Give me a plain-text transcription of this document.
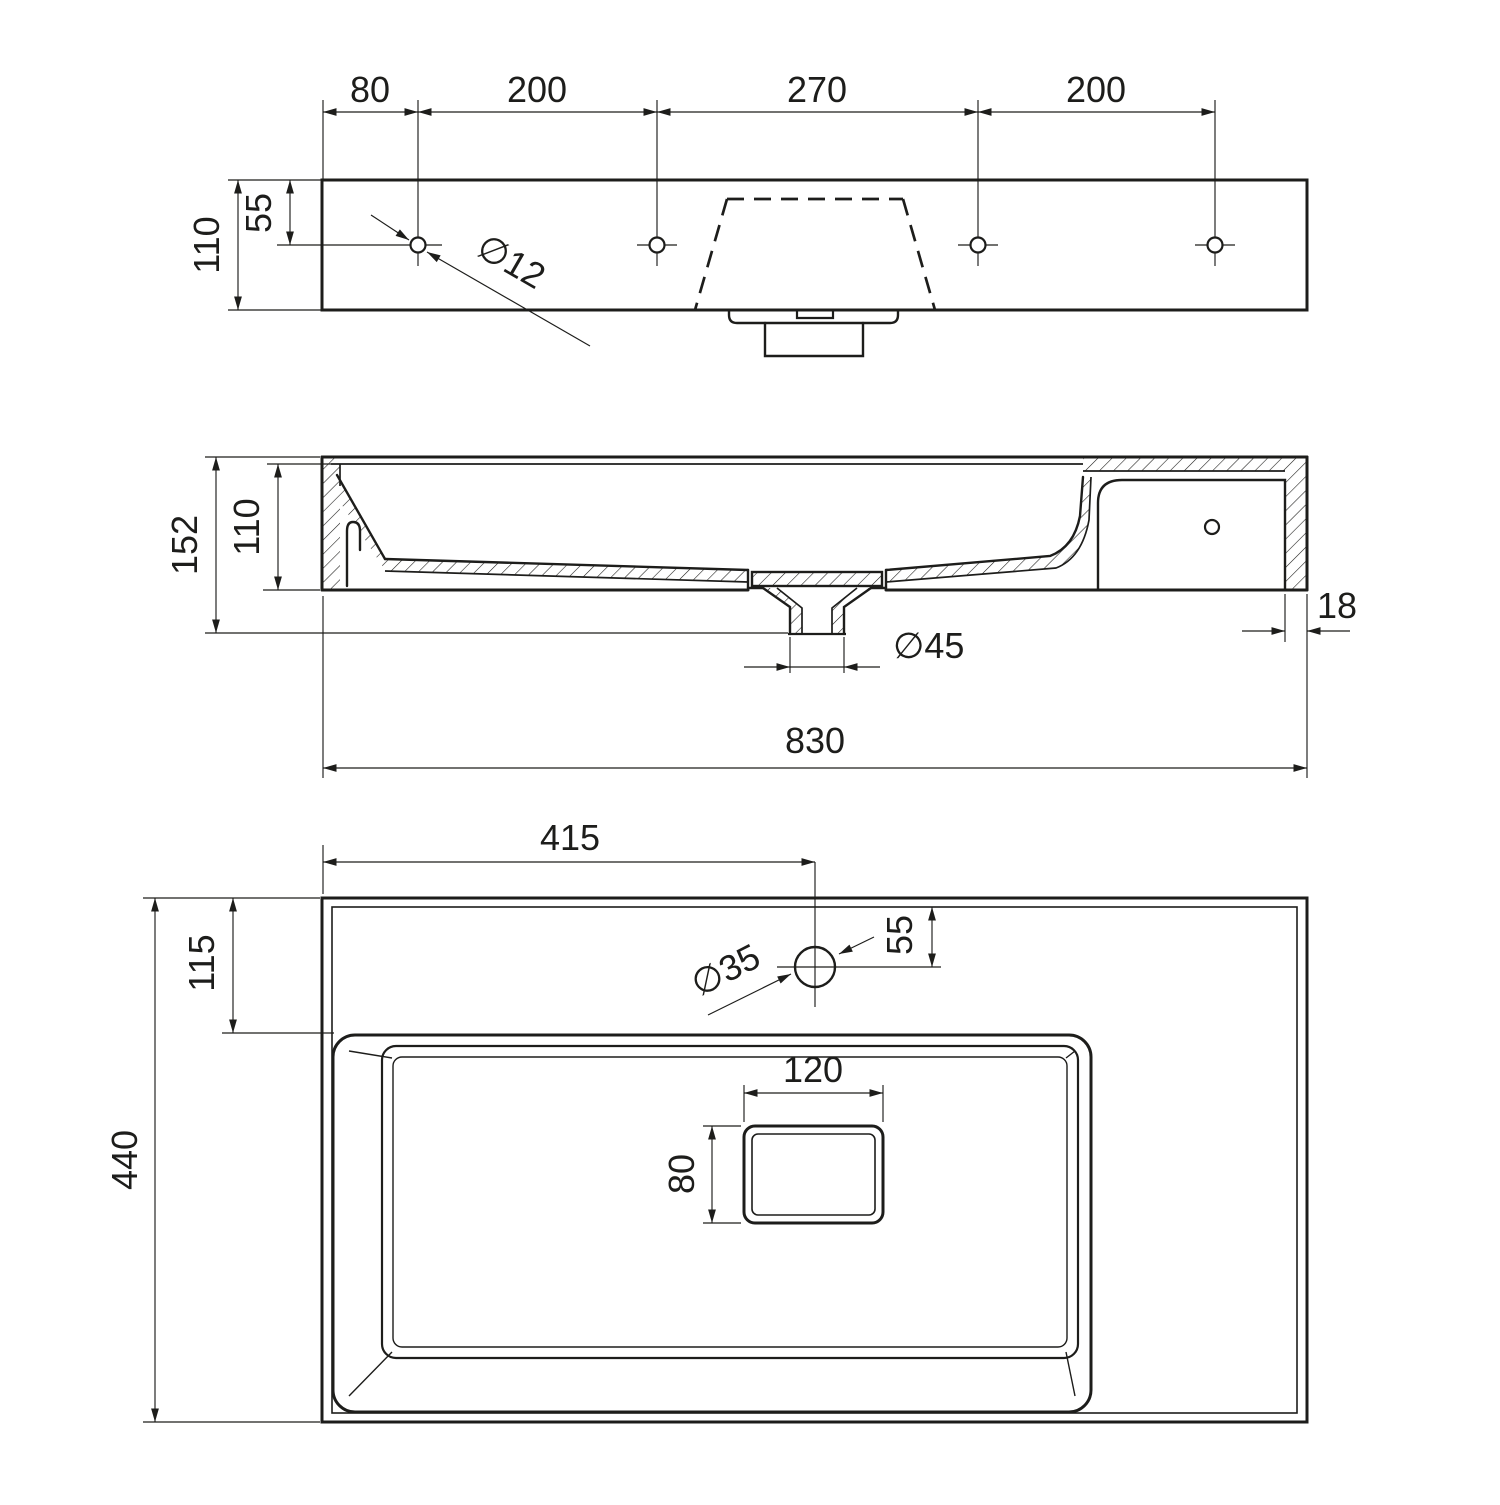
80	200	270	200
110
55
∅12
152 110
18
∅45
830
415
115	55
∅35
440
120
80
